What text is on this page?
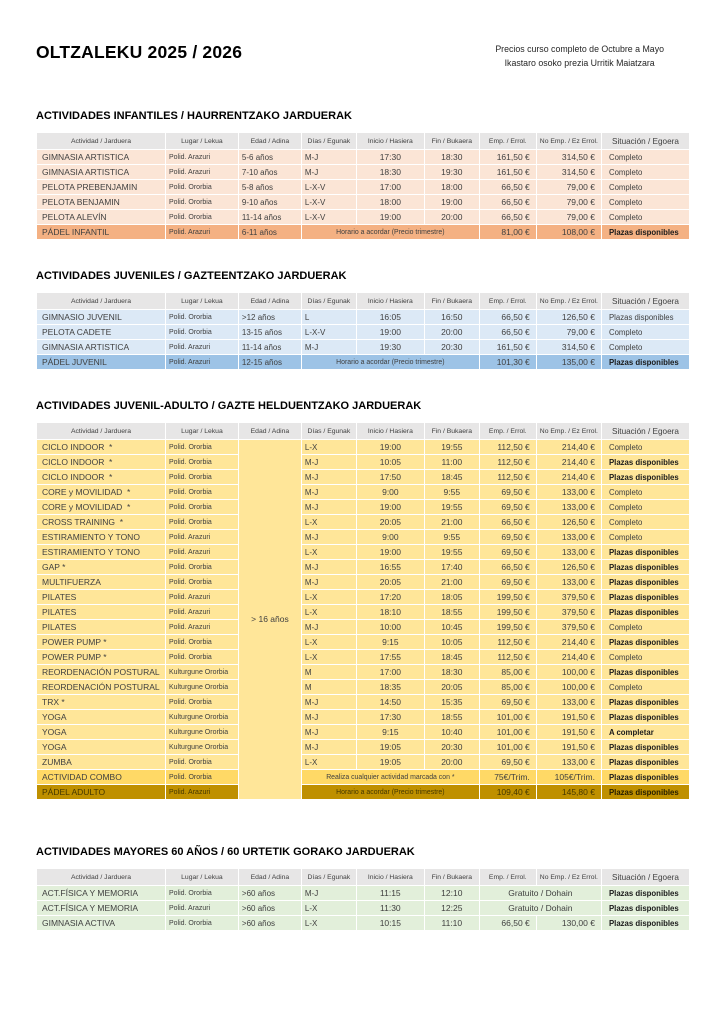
OLTZALEKU 2025 / 2026	Precios curso completo de Octubre a Mayo
Ikastaro osoko prezia Urritik Maiatzara
ACTIVIDADES INFANTILES / HAURRENTZAKO JARDUERAK
Actividad / Jarduera	Lugar / Lekua	Edad / Adina	Días / Egunak	Inicio / Hasiera	Fin / Bukaera	Emp. / Errol.	No Emp. / Ez Errol.	Situación / Egoera
GIMNASIA ARTISTICA	Polid. Arazuri	5-6 años	M-J	17:30	18:30	161,50 €	314,50 €	Completo
GIMNASIA ARTISTICA	Polid. Arazuri	7-10 años	M-J	18:30	19:30	161,50 €	314,50 €	Completo
PELOTA PREBENJAMIN	Polid. Ororbia	5-8 años	L-X-V	17:00	18:00	66,50 €	79,00 €	Completo
PELOTA BENJAMIN	Polid. Ororbia	9-10 años	L-X-V	18:00	19:00	66,50 €	79,00 €	Completo
PELOTA ALEVÍN	Polid. Ororbia	11-14 años	L-X-V	19:00	20:00	66,50 €	79,00 €	Completo
PÁDEL INFANTIL	Polid. Arazuri	6-11 años	Horario a acordar (Precio trimestre)			81,00 €	108,00 €	Plazas disponibles
ACTIVIDADES JUVENILES / GAZTEENTZAKO JARDUERAK
Actividad / Jarduera	Lugar / Lekua	Edad / Adina	Días / Egunak	Inicio / Hasiera	Fin / Bukaera	Emp. / Errol.	No Emp. / Ez Errol.	Situación / Egoera
GIMNASIO JUVENIL	Polid. Ororbia	>12 años	L	16:05	16:50	66,50 €	126,50 €	Plazas disponibles
PELOTA CADETE	Polid. Ororbia	13-15 años	L-X-V	19:00	20:00	66,50 €	79,00 €	Completo
GIMNASIA ARTISTICA	Polid. Arazuri	11-14 años	M-J	19:30	20:30	161,50 €	314,50 €	Completo
PÁDEL JUVENIL	Polid. Arazuri	12-15 años	Horario a acordar (Precio trimestre)			101,30 €	135,00 €	Plazas disponibles
ACTIVIDADES JUVENIL-ADULTO / GAZTE HELDUENTZAKO JARDUERAK
Actividad / Jarduera	Lugar / Lekua	Edad / Adina	Días / Egunak	Inicio / Hasiera	Fin / Bukaera	Emp. / Errol.	No Emp. / Ez Errol.	Situación / Egoera
CICLO INDOOR  *	Polid. Ororbia	> 16 años	L-X	19:00	19:55	112,50 €	214,40 €	Completo
CICLO INDOOR  *	Polid. Ororbia		M-J	10:05	11:00	112,50 €	214,40 €	Plazas disponibles
CICLO INDOOR  *	Polid. Ororbia		M-J	17:50	18:45	112,50 €	214,40 €	Plazas disponibles
CORE y MOVILIDAD  *	Polid. Ororbia		M-J	9:00	9:55	69,50 €	133,00 €	Completo
CORE y MOVILIDAD  *	Polid. Ororbia		M-J	19:00	19:55	69,50 €	133,00 €	Completo
CROSS TRAINING  *	Polid. Ororbia		L-X	20:05	21:00	66,50 €	126,50 €	Completo
ESTIRAMIENTO Y TONO	Polid. Arazuri		M-J	9:00	9:55	69,50 €	133,00 €	Completo
ESTIRAMIENTO Y TONO	Polid. Arazuri		L-X	19:00	19:55	69,50 €	133,00 €	Plazas disponibles
GAP *	Polid. Ororbia		M-J	16:55	17:40	66,50 €	126,50 €	Plazas disponibles
MULTIFUERZA	Polid. Ororbia		M-J	20:05	21:00	69,50 €	133,00 €	Plazas disponibles
PILATES	Polid. Arazuri		L-X	17:20	18:05	199,50 €	379,50 €	Plazas disponibles
PILATES	Polid. Arazuri		L-X	18:10	18:55	199,50 €	379,50 €	Plazas disponibles
PILATES	Polid. Arazuri		M-J	10:00	10:45	199,50 €	379,50 €	Completo
POWER PUMP *	Polid. Ororbia		L-X	9:15	10:05	112,50 €	214,40 €	Plazas disponibles
POWER PUMP *	Polid. Ororbia		L-X	17:55	18:45	112,50 €	214,40 €	Completo
REORDENACIÓN POSTURAL	Kulturgune Ororbia		M	17:00	18:30	85,00 €	100,00 €	Plazas disponibles
REORDENACIÓN POSTURAL	Kulturgune Ororbia		M	18:35	20:05	85,00 €	100,00 €	Completo
TRX *	Polid. Ororbia		M-J	14:50	15:35	69,50 €	133,00 €	Plazas disponibles
YOGA	Kulturgune Ororbia		M-J	17:30	18:55	101,00 €	191,50 €	Plazas disponibles
YOGA	Kulturgune Ororbia		M-J	9:15	10:40	101,00 €	191,50 €	A completar
YOGA	Kulturgune Ororbia		M-J	19:05	20:30	101,00 €	191,50 €	Plazas disponibles
ZUMBA	Polid. Ororbia		L-X	19:05	20:00	69,50 €	133,00 €	Plazas disponibles
ACTIVIDAD COMBO	Polid. Ororbia		Realiza cualquier actividad marcada con *			75€/Trim.	105€/Trim.	Plazas disponibles
PÁDEL ADULTO	Polid. Arazuri		Horario a acordar (Precio trimestre)			109,40 €	145,80 €	Plazas disponibles
ACTIVIDADES MAYORES 60 AÑOS / 60 URTETIK GORAKO JARDUERAK
Actividad / Jarduera	Lugar / Lekua	Edad / Adina	Días / Egunak	Inicio / Hasiera	Fin / Bukaera	Emp. / Errol.	No Emp. / Ez Errol.	Situación / Egoera
ACT.FÍSICA Y MEMORIA	Polid. Ororbia	>60 años	M-J	11:15	12:10	Gratuito / Dohain		Plazas disponibles
ACT.FÍSICA Y MEMORIA	Polid. Arazuri	>60 años	L-X	11:30	12:25	Gratuito / Dohain		Plazas disponibles
GIMNASIA ACTIVA	Polid. Ororbia	>60 años	L-X	10:15	11:10	66,50 €	130,00 €	Plazas disponibles
